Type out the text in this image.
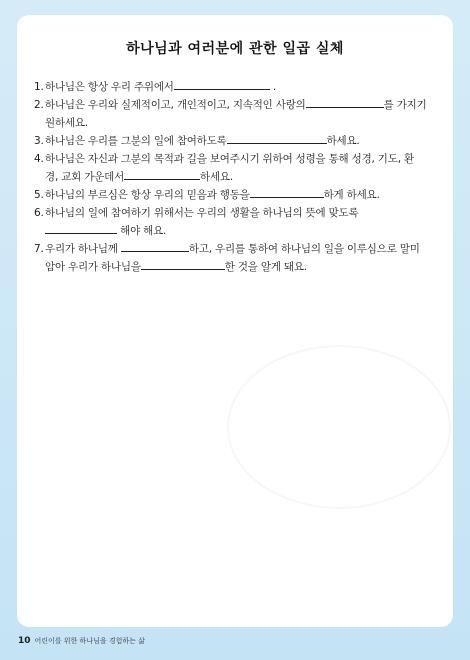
하나님과 여러분에 관한 일곱 실체
1. 하나님은 항상 우리 주위에서	.
2. 하나님은 우리와 실제적이고, 개인적이고, 지속적인 사랑의	를 가지기
원하세요.
3. 하나님은 우리를 그분의 일에 참여하도록	하세요.
4. 하나님은 자신과 그분의 목적과 길을 보여주시기 위하여 성령을 통해 성경, 기도, 환
경, 교회 가운데서	하세요.
5. 하나님의 부르심은 항상 우리의 믿음과 행동을	하게 하세요.
6. 하나님의 일에 참여하기 위해서는 우리의 생활을 하나님의 뜻에 맞도록
해야 해요.
7. 우리가 하나님께	하고, 우리를 통하여 하나님의 일을 이루심으로 말미
암아 우리가 하나님을	한 것을 알게 돼요.
10 어린이를 위한 하나님을 경험하는 삶
